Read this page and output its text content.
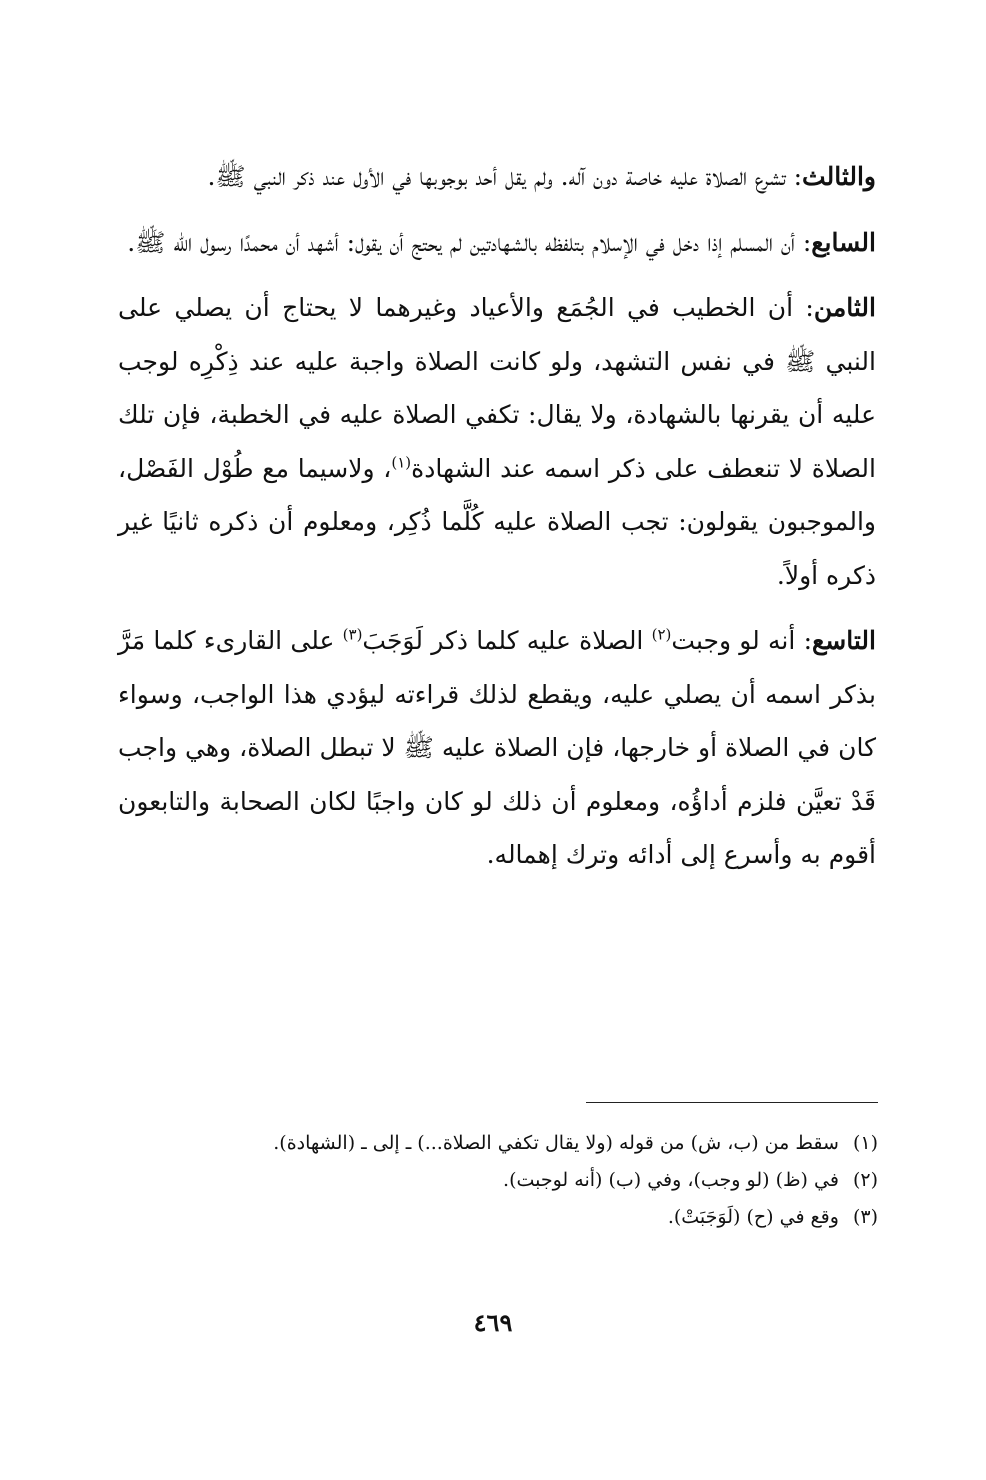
والثالث: تشرع الصلاة عليه خاصة دون آله. ولم يقل أحد بوجوبها في الأول عند ذكر النبي ﷺ.

السابع: أن المسلم إذا دخل في الإسلام بتلفظه بالشهادتين لم يحتج أن يقول: أشهد أن محمدًا رسول الله ﷺ.

الثامن: أن الخطيب في الجُمَع والأعياد وغيرهما لا يحتاج أن يصلي على النبي ﷺ في نفس التشهد، ولو كانت الصلاة واجبة عليه عند ذِكْرِه لوجب عليه أن يقرنها بالشهادة، ولا يقال: تكفي الصلاة عليه في الخطبة، فإن تلك الصلاة لا تنعطف على ذكر اسمه عند الشهادة$^{(١)}$، ولاسيما مع طُوْل الفَصْل، والموجبون يقولون: تجب الصلاة عليه كُلَّما ذُكِر، ومعلوم أن ذكره ثانيًا غير ذكره أولاً.

التاسع: أنه لو وجبت$^{(٢)}$ الصلاة عليه كلما ذكر لَوَجَبَ$^{(٣)}$ على القارىء كلما مَرَّ بذكر اسمه أن يصلي عليه، ويقطع لذلك قراءته ليؤدي هذا الواجب، وسواء كان في الصلاة أو خارجها، فإن الصلاة عليه ﷺ لا تبطل الصلاة، وهي واجب قَدْ تعيَّن فلزم أداؤُه، ومعلوم أن ذلك لو كان واجبًا لكان الصحابة والتابعون أقوم به وأسرع إلى أدائه وترك إهماله.

(١)
سقط من (ب، ش) من قوله (ولا يقال تكفي الصلاة...) ـ إلى ـ (الشهادة).
(٢)
في (ظ) (لو وجب)، وفي (ب) (أنه لوجبت).
(٣)
وقع في (ح) (لَوَجَبَتْ).
٤٦٩
